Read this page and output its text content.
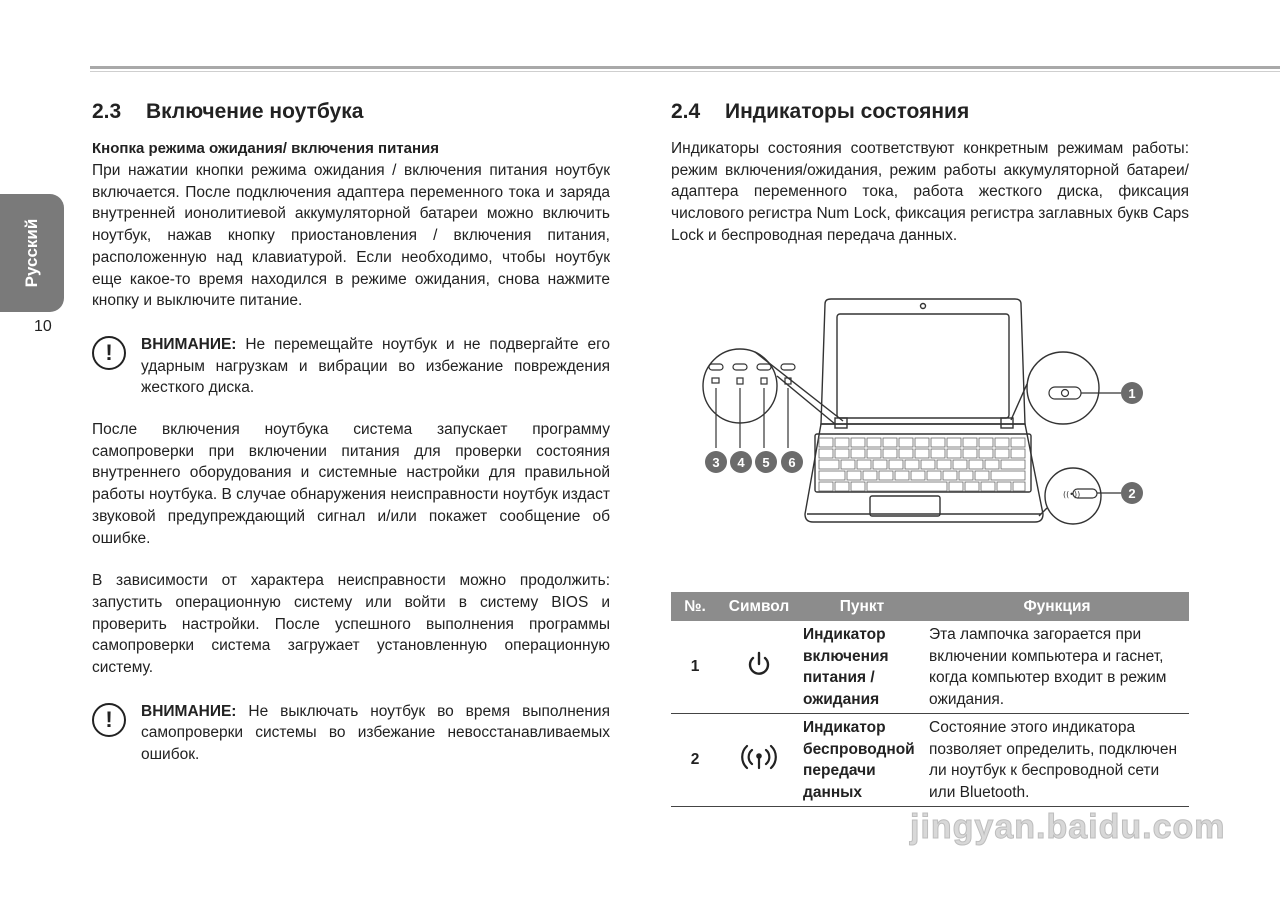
Русский
10
2.3 Включение ноутбука
Кнопка режима ожидания/ включения питания

При нажатии кнопки режима ожидания / включения питания ноутбук включается. После подключения адаптера переменного тока и заряда внутренней ионолитиевой аккумуляторной батареи можно включить ноутбук, нажав кнопку приостановления / включения питания, расположенную над клавиатурой. Если необходимо, чтобы ноутбук еще какое-то время находился в режиме ожидания, снова нажмите кнопку и выключите питание.

!	ВНИМАНИЕ: Не перемещайте ноутбук и не подвергайте его ударным нагрузкам и вибрации во избежание повреждения жесткого диска.

После включения ноутбука система запускает программу самопроверки при включении питания для проверки состояния внутреннего оборудования и системные настройки для правильной работы ноутбука. В случае обнаружения неисправности ноутбук издаст звуковой предупреждающий сигнал и/или покажет сообщение об ошибке.

В зависимости от характера неисправности можно продолжить: запустить операционную систему или войти в систему BIOS и проверить настройки. После успешного выполнения программы самопроверки система загружает установленную операционную систему.

!	ВНИМАНИЕ: Не выключать ноутбук во время выполнения самопроверки системы во избежание невосстанавливаемых ошибок.

2.4 Индикаторы состояния

Индикаторы состояния соответствуют конкретным режимам работы: режим включения/ожидания, режим работы аккумуляторной батареи/адаптера переменного тока, работа жесткого диска, фиксация числового регистра Num Lock, фиксация регистра заглавных букв Caps Lock и беспроводная передача данных.

((•))
1
2
3 4 5 6
№.	Символ	Пункт	Функция
1		Индикатор включения питания / ожидания	Эта лампочка загорается при включении компьютера и гаснет, когда компьютер входит в режим ожидания.
2		Индикатор беспроводной передачи данных	Состояние этого индикатора позволяет определить, подключен ли ноутбук к беспроводной сети или Bluetooth.
jingyan.baidu.com
